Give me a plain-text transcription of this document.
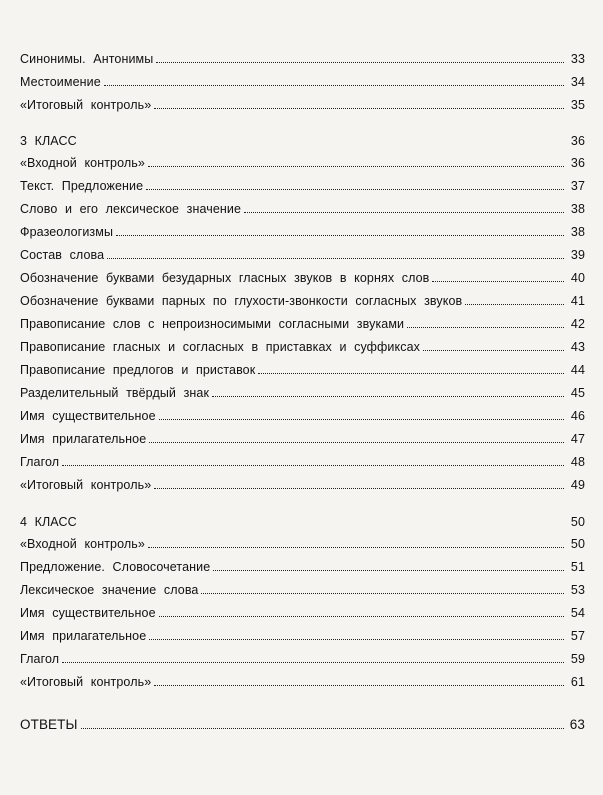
Синонимы. Антонимы	33
Местоимение	34
«Итоговый контроль»	35
3 КЛАСС	36
«Входной контроль»	36
Текст. Предложение	37
Слово и его лексическое значение	38
Фразеологизмы	38
Состав слова	39
Обозначение буквами безударных гласных звуков в корнях слов	40
Обозначение буквами парных по глухости-звонкости согласных звуков	41
Правописание слов с непроизносимыми согласными звуками	42
Правописание гласных и согласных в приставках и суффиксах	43
Правописание предлогов и приставок	44
Разделительный твёрдый знак	45
Имя существительное	46
Имя прилагательное	47
Глагол	48
«Итоговый контроль»	49
4 КЛАСС	50
«Входной контроль»	50
Предложение. Словосочетание	51
Лексическое значение слова	53
Имя существительное	54
Имя прилагательное	57
Глагол	59
«Итоговый контроль»	61
ОТВЕТЫ	63
